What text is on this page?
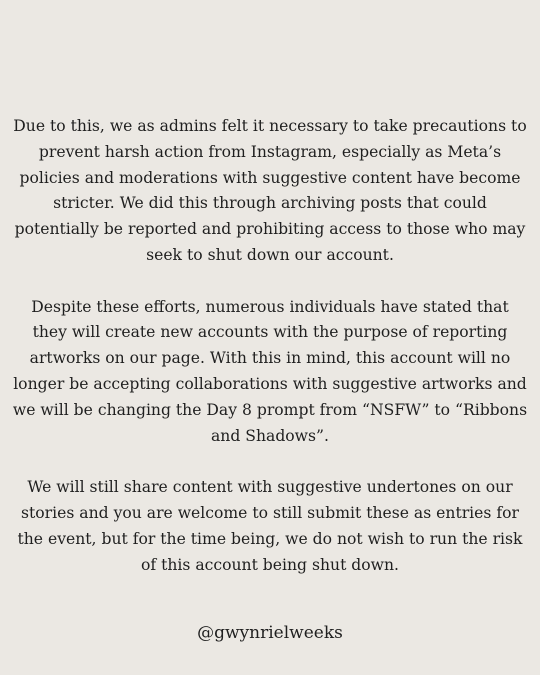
Due to this, we as admins felt it necessary to take precautions to prevent harsh action from Instagram, especially as Meta’s policies and moderations with suggestive content have become stricter. We did this through archiving posts that could potentially be reported and prohibiting access to those who may seek to shut down our account.

Despite these efforts, numerous individuals have stated that they will create new accounts with the purpose of reporting artworks on our page. With this in mind, this account will no longer be accepting collaborations with suggestive artworks and we will be changing the Day 8 prompt from “NSFW” to “Ribbons and Shadows”.

We will still share content with suggestive undertones on our stories and you are welcome to still submit these as entries for the event, but for the time being, we do not wish to run the risk of this account being shut down.

@gwynrielweeks
